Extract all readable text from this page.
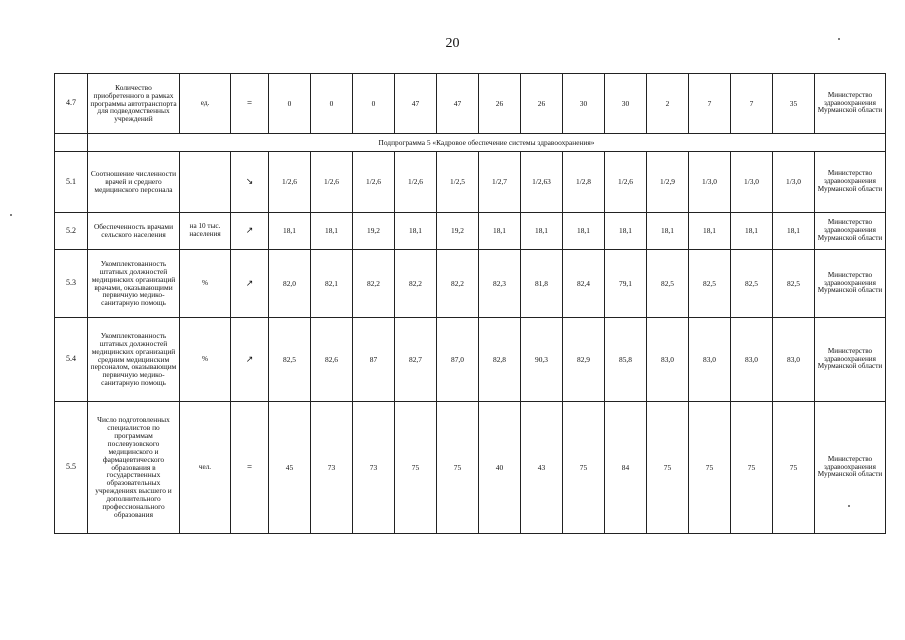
20
4.7	Количество приобретенного в рамках программы автотранспорта для подведомственных учреждений	ед.	=	0	0	0	47	47	26	26	30	30	2	7	7	35	Министерство здравоохранения Мурманской области
	Подпрограмма 5 «Кадровое обеспечение системы здравоохранения»																
5.1	Соотношение численности врачей и среднего медицинского персонала		↘	1/2,6	1/2,6	1/2,6	1/2,6	1/2,5	1/2,7	1/2,63	1/2,8	1/2,6	1/2,9	1/3,0	1/3,0	1/3,0	Министерство здравоохранения Мурманской области
5.2	Обеспеченность врачами сельского населения	на 10 тыс. населения	↗	18,1	18,1	19,2	18,1	19,2	18,1	18,1	18,1	18,1	18,1	18,1	18,1	18,1	Министерство здравоохранения Мурманской области
5.3	Укомплектованность штатных должностей медицинских организаций врачами, оказывающими первичную медико-санитарную помощь	%	↗	82,0	82,1	82,2	82,2	82,2	82,3	81,8	82,4	79,1	82,5	82,5	82,5	82,5	Министерство здравоохранения Мурманской области
5.4	Укомплектованность штатных должностей медицинских организаций средним медицинским персоналом, оказывающим первичную медико-санитарную помощь	%	↗	82,5	82,6	87	82,7	87,0	82,8	90,3	82,9	85,8	83,0	83,0	83,0	83,0	Министерство здравоохранения Мурманской области
5.5	Число подготовленных специалистов по программам послевузовского медицинского и фармацевтического образования в государственных образовательных учреждениях высшего и дополнительного профессионального образования	чел.	=	45	73	73	75	75	40	43	75	84	75	75	75	75	Министерство здравоохранения Мурманской области
